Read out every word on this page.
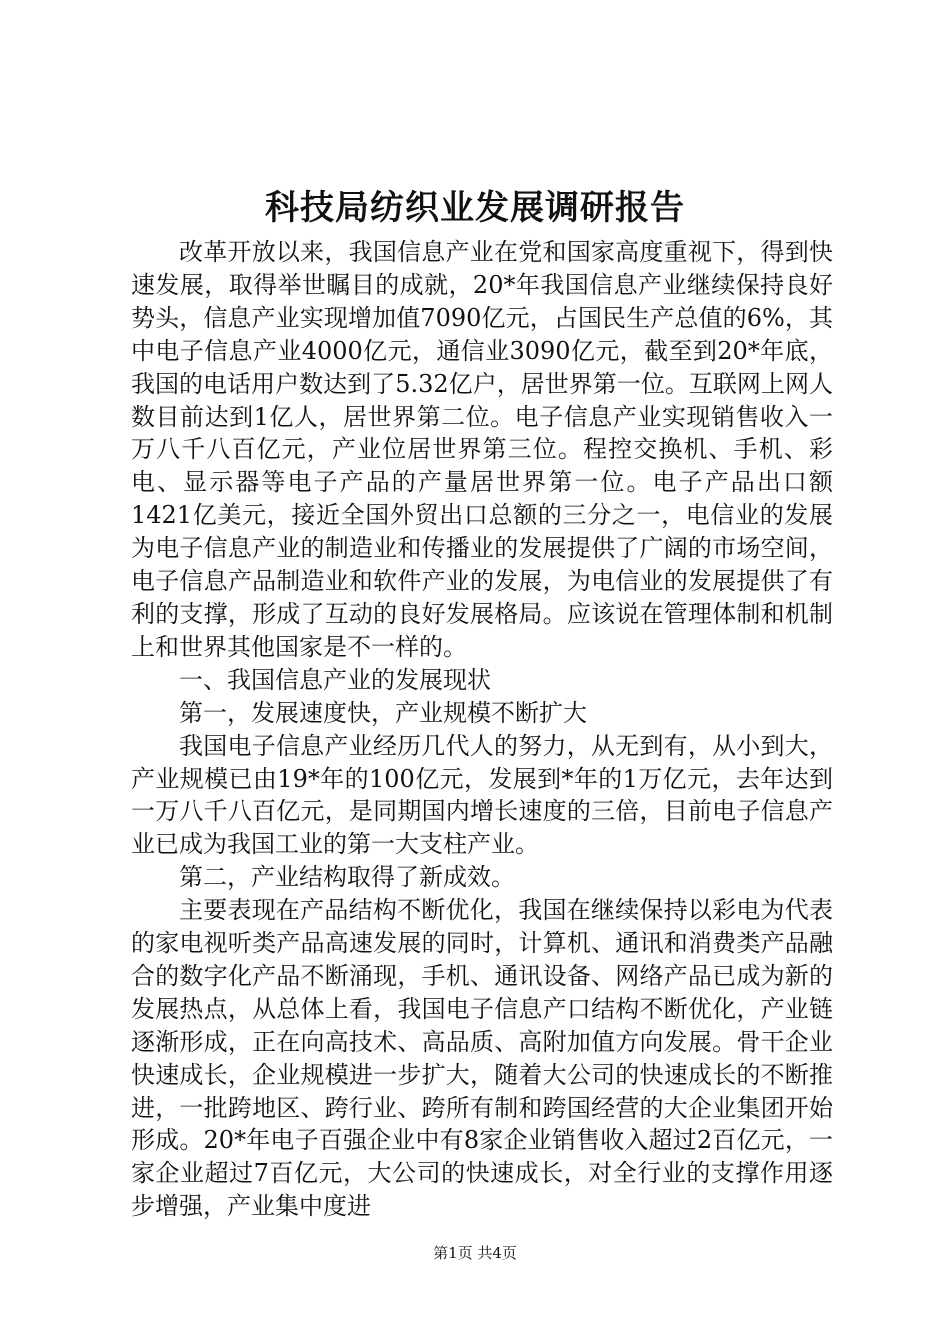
科技局纺织业发展调研报告

改革开放以来，我国信息产业在党和国家高度重视下，得到快速发展，取得举世瞩目的成就，20*年我国信息产业继续保持良好势头，信息产业实现增加值7090亿元，占国民生产总值的6%，其中电子信息产业4000亿元，通信业3090亿元，截至到20*年底，我国的电话用户数达到了5.32亿户，居世界第一位。互联网上网人数目前达到1亿人，居世界第二位。电子信息产业实现销售收入一万八千八百亿元，产业位居世界第三位。程控交换机、手机、彩电、显示器等电子产品的产量居世界第一位。电子产品出口额1421亿美元，接近全国外贸出口总额的三分之一，电信业的发展为电子信息产业的制造业和传播业的发展提供了广阔的市场空间，电子信息产品制造业和软件产业的发展，为电信业的发展提供了有利的支撑，形成了互动的良好发展格局。应该说在管理体制和机制上和世界其他国家是不一样的。

一、我国信息产业的发展现状

第一，发展速度快，产业规模不断扩大

我国电子信息产业经历几代人的努力，从无到有，从小到大，产业规模已由19*年的100亿元，发展到*年的1万亿元，去年达到一万八千八百亿元，是同期国内增长速度的三倍，目前电子信息产业已成为我国工业的第一大支柱产业。

第二，产业结构取得了新成效。

主要表现在产品结构不断优化，我国在继续保持以彩电为代表的家电视听类产品高速发展的同时，计算机、通讯和消费类产品融合的数字化产品不断涌现，手机、通讯设备、网络产品已成为新的发展热点，从总体上看，我国电子信息产口结构不断优化，产业链逐渐形成，正在向高技术、高品质、高附加值方向发展。骨干企业快速成长，企业规模进一步扩大，随着大公司的快速成长的不断推进，一批跨地区、跨行业、跨所有制和跨国经营的大企业集团开始形成。20*年电子百强企业中有8家企业销售收入超过2百亿元，一家企业超过7百亿元，大公司的快速成长，对全行业的支撑作用逐步增强，产业集中度进

第1页 共4页
